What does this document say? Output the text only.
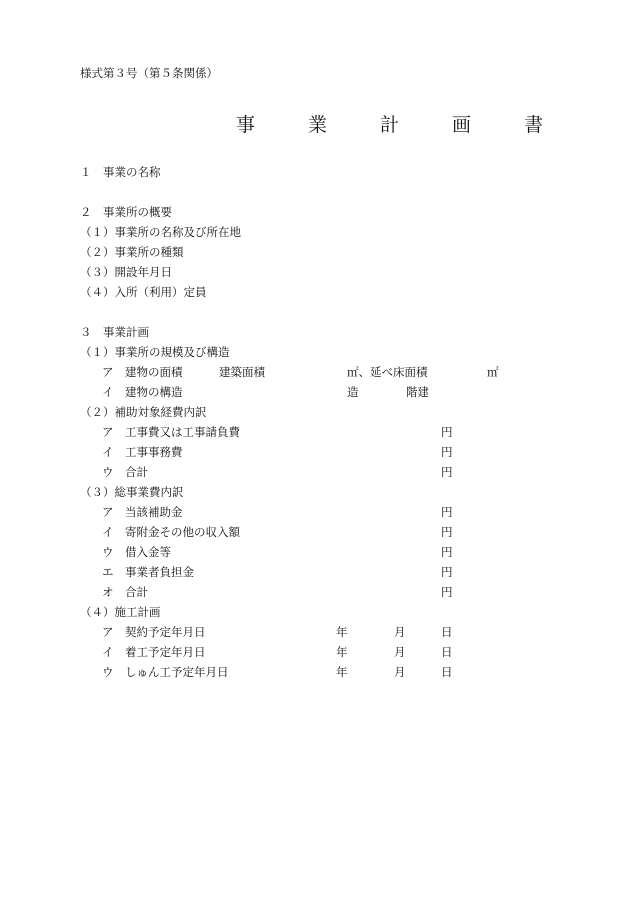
様式第３号（第５条関係）
事　業　計　画　書
１　事業の名称
２　事業所の概要
（１）事業所の名称及び所在地
（２）事業所の種類
（３）開設年月日
（４）入所（利用）定員
３　事業計画
（１）事業所の規模及び構造
ア　建物の面積	建築面積	㎡、延べ床面積	㎡
イ　建物の構造	造	階建
（２）補助対象経費内訳
ア　工事費又は工事請負費	円
イ　工事事務費	円
ウ　合計	円
（３）総事業費内訳
ア　当該補助金	円
イ　寄附金その他の収入額	円
ウ　借入金等	円
エ　事業者負担金	円
オ　合計	円
（４）施工計画
ア　契約予定年月日	年	月	日
イ　着工予定年月日	年	月	日
ウ　しゅん工予定年月日	年	月	日
